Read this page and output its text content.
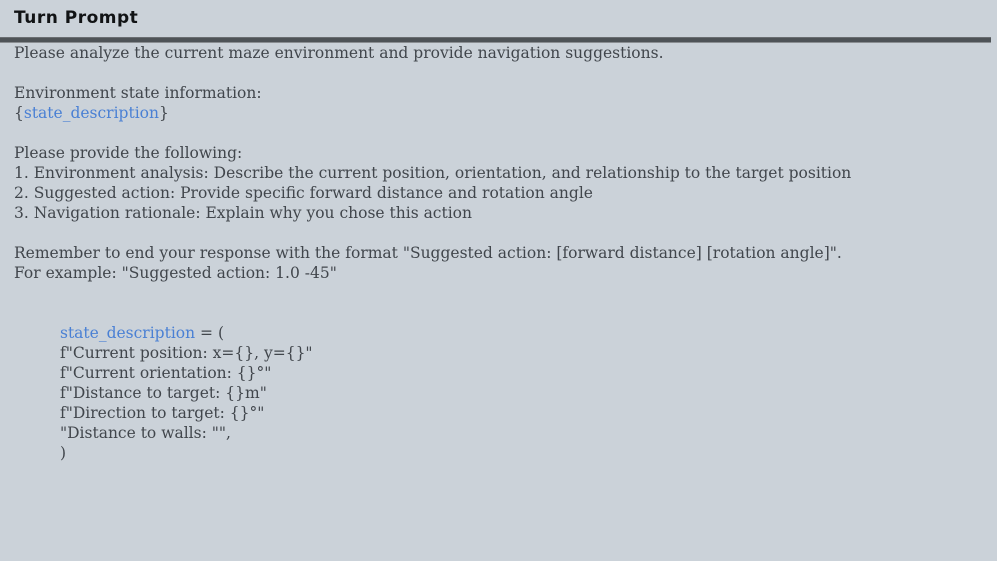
Turn Prompt

Please analyze the current maze environment and provide navigation suggestions.

Environment state information:

{state_description}

Please provide the following:

1. Environment analysis: Describe the current position, orientation, and relationship to the target position

2. Suggested action: Provide specific forward distance and rotation angle

3. Navigation rationale: Explain why you chose this action

Remember to end your response with the format "Suggested action: [forward distance] [rotation angle]".

For example: "Suggested action: 1.0 -45"

state_description = (

f"Current position: x={}, y={}"

f"Current orientation: {}°"

f"Distance to target: {}m"

f"Direction to target: {}°"

"Distance to walls: "",

)
